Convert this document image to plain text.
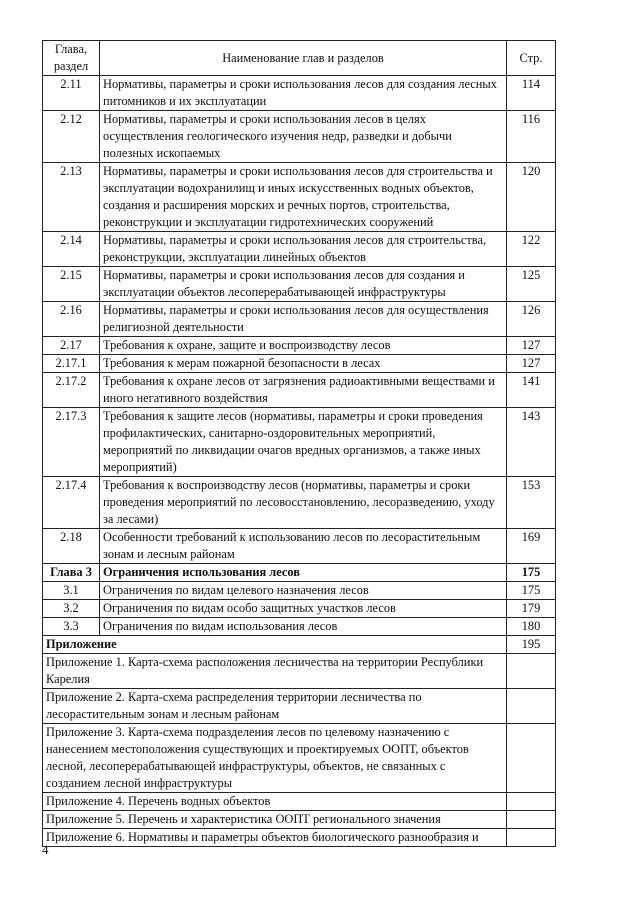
Глава, раздел	Наименование глав и разделов	Стр.
2.11	Нормативы, параметры и сроки использования лесов для создания лесных питомников и их эксплуатации	114
2.12	Нормативы, параметры и сроки использования лесов в целях осуществления геологического изучения недр, разведки и добычи полезных ископаемых	116
2.13	Нормативы, параметры и сроки использования лесов для строительства и эксплуатации водохранилищ и иных искусственных водных объектов, создания и расширения морских и речных портов, строительства, реконструкции и эксплуатации гидротехнических сооружений	120
2.14	Нормативы, параметры и сроки использования лесов для строительства, реконструкции, эксплуатации линейных объектов	122
2.15	Нормативы, параметры и сроки использования лесов для создания и эксплуатации объектов лесоперерабатывающей инфраструктуры	125
2.16	Нормативы, параметры и сроки использования лесов для осуществления религиозной деятельности	126
2.17	Требования к охране, защите и воспроизводству лесов	127
2.17.1	Требования к мерам пожарной безопасности в лесах	127
2.17.2	Требования к охране лесов от загрязнения радиоактивными веществами и иного негативного воздействия	141
2.17.3	Требования к защите лесов (нормативы, параметры и сроки проведения профилактических, санитарно-оздоровительных мероприятий, мероприятий по ликвидации очагов вредных организмов, а также иных мероприятий)	143
2.17.4	Требования к воспроизводству лесов (нормативы, параметры и сроки проведения мероприятий по лесовосстановлению, лесоразведению, уходу за лесами)	153
2.18	Особенности требований к использованию лесов по лесорастительным зонам и лесным районам	169
Глава 3	Ограничения использования лесов	175
3.1	Ограничения по видам целевого назначения лесов	175
3.2	Ограничения по видам особо защитных участков лесов	179
3.3	Ограничения по видам использования лесов	180
Приложение		195
Приложение 1. Карта-схема расположения лесничества на территории Республики Карелия		
Приложение 2. Карта-схема распределения территории лесничества по лесорастительным зонам и лесным районам		
Приложение 3. Карта-схема подразделения лесов по целевому назначению с нанесением местоположения существующих и проектируемых ООПТ, объектов лесной, лесоперерабатывающей инфраструктуры, объектов, не связанных с созданием лесной инфраструктуры		
Приложение 4. Перечень водных объектов		
Приложение 5. Перечень и характеристика ООПТ регионального значения		
Приложение 6. Нормативы и параметры объектов биологического разнообразия и		
4
